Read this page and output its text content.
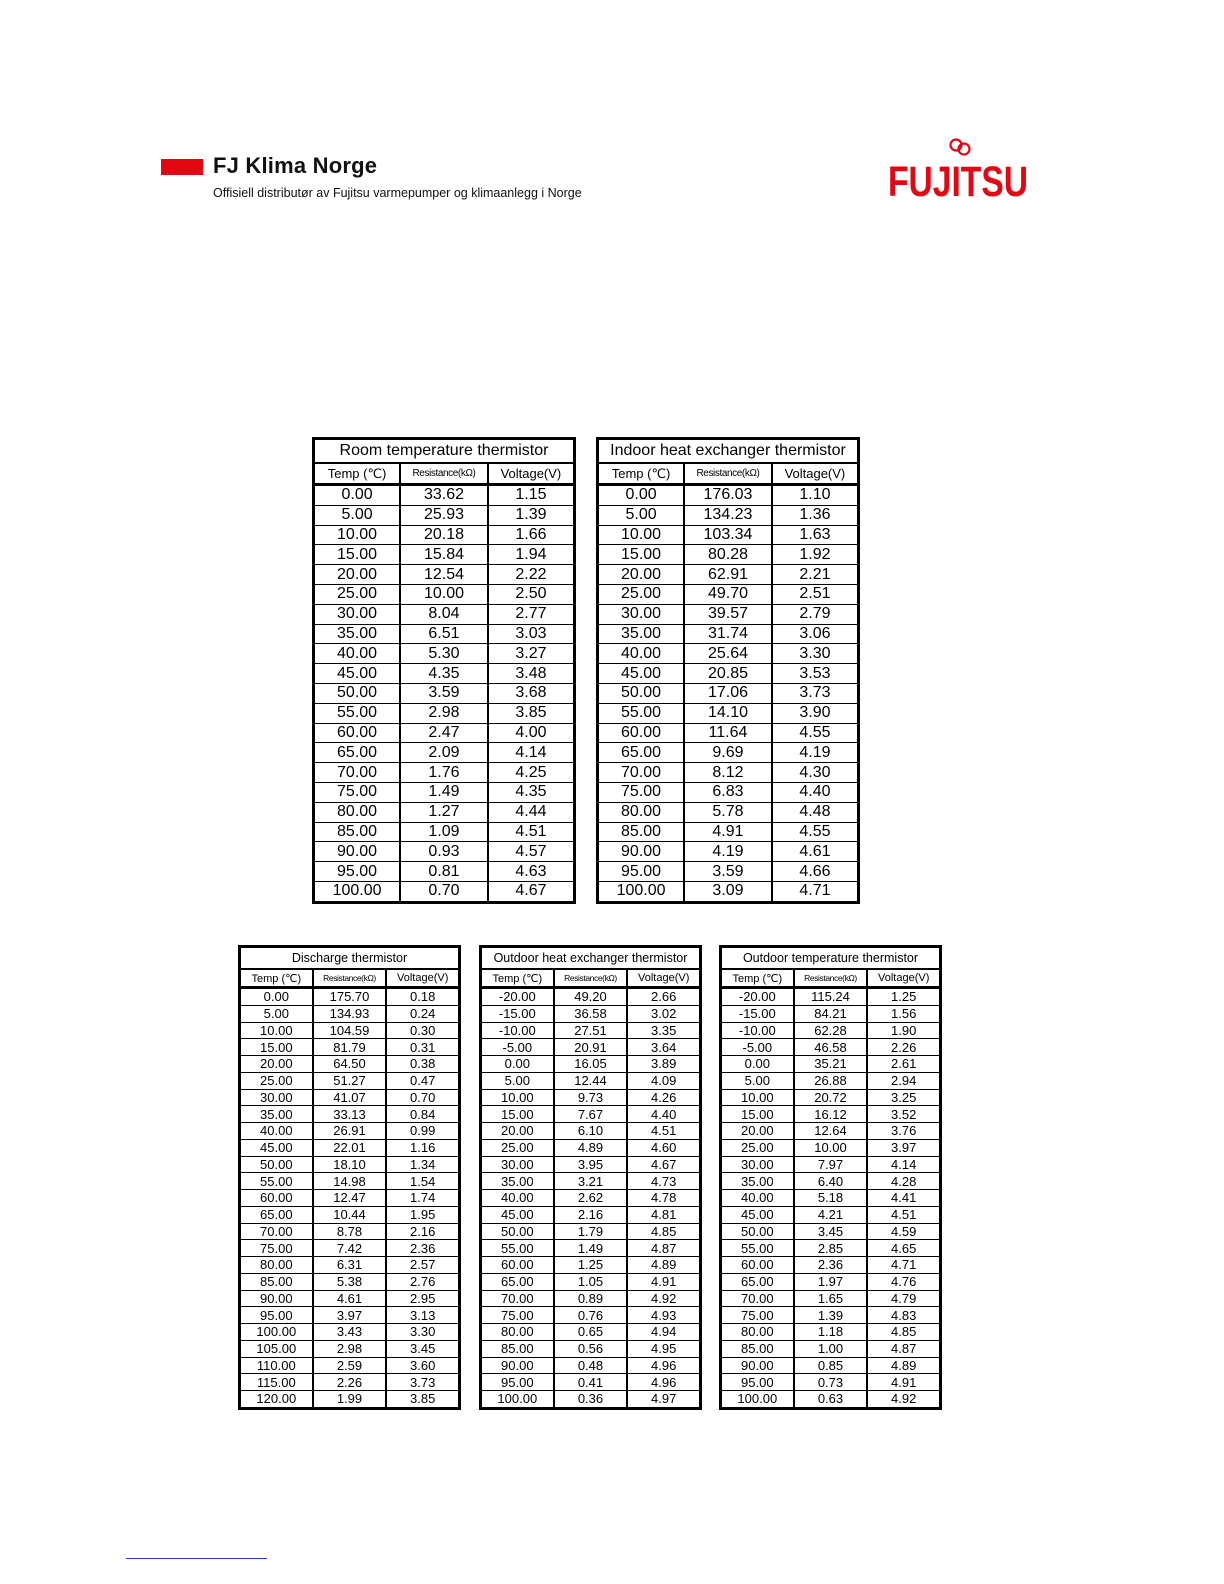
FJ Klima Norge
Offisiell distributør av Fujitsu varmepumper og klimaanlegg i Norge	FUJITSU
Room temperature thermistor
Temp (℃)	Resistance(kΩ)	Voltage(V)
0.00	33.62	1.15
5.00	25.93	1.39
10.00	20.18	1.66
15.00	15.84	1.94
20.00	12.54	2.22
25.00	10.00	2.50
30.00	8.04	2.77
35.00	6.51	3.03
40.00	5.30	3.27
45.00	4.35	3.48
50.00	3.59	3.68
55.00	2.98	3.85
60.00	2.47	4.00
65.00	2.09	4.14
70.00	1.76	4.25
75.00	1.49	4.35
80.00	1.27	4.44
85.00	1.09	4.51
90.00	0.93	4.57
95.00	0.81	4.63
100.00	0.70	4.67
Indoor heat exchanger thermistor
Temp (℃)	Resistance(kΩ)	Voltage(V)
0.00	176.03	1.10
5.00	134.23	1.36
10.00	103.34	1.63
15.00	80.28	1.92
20.00	62.91	2.21
25.00	49.70	2.51
30.00	39.57	2.79
35.00	31.74	3.06
40.00	25.64	3.30
45.00	20.85	3.53
50.00	17.06	3.73
55.00	14.10	3.90
60.00	11.64	4.55
65.00	9.69	4.19
70.00	8.12	4.30
75.00	6.83	4.40
80.00	5.78	4.48
85.00	4.91	4.55
90.00	4.19	4.61
95.00	3.59	4.66
100.00	3.09	4.71
Discharge thermistor
Temp (℃)	Resistance(kΩ)	Voltage(V)
0.00	175.70	0.18
5.00	134.93	0.24
10.00	104.59	0.30
15.00	81.79	0.31
20.00	64.50	0.38
25.00	51.27	0.47
30.00	41.07	0.70
35.00	33.13	0.84
40.00	26.91	0.99
45.00	22.01	1.16
50.00	18.10	1.34
55.00	14.98	1.54
60.00	12.47	1.74
65.00	10.44	1.95
70.00	8.78	2.16
75.00	7.42	2.36
80.00	6.31	2.57
85.00	5.38	2.76
90.00	4.61	2.95
95.00	3.97	3.13
100.00	3.43	3.30
105.00	2.98	3.45
110.00	2.59	3.60
115.00	2.26	3.73
120.00	1.99	3.85
Outdoor heat exchanger thermistor
Temp (℃)	Resistance(kΩ)	Voltage(V)
-20.00	49.20	2.66
-15.00	36.58	3.02
-10.00	27.51	3.35
-5.00	20.91	3.64
0.00	16.05	3.89
5.00	12.44	4.09
10.00	9.73	4.26
15.00	7.67	4.40
20.00	6.10	4.51
25.00	4.89	4.60
30.00	3.95	4.67
35.00	3.21	4.73
40.00	2.62	4.78
45.00	2.16	4.81
50.00	1.79	4.85
55.00	1.49	4.87
60.00	1.25	4.89
65.00	1.05	4.91
70.00	0.89	4.92
75.00	0.76	4.93
80.00	0.65	4.94
85.00	0.56	4.95
90.00	0.48	4.96
95.00	0.41	4.96
100.00	0.36	4.97
Outdoor temperature thermistor
Temp (℃)	Resistance(kΩ)	Voltage(V)
-20.00	115.24	1.25
-15.00	84.21	1.56
-10.00	62.28	1.90
-5.00	46.58	2.26
0.00	35.21	2.61
5.00	26.88	2.94
10.00	20.72	3.25
15.00	16.12	3.52
20.00	12.64	3.76
25.00	10.00	3.97
30.00	7.97	4.14
35.00	6.40	4.28
40.00	5.18	4.41
45.00	4.21	4.51
50.00	3.45	4.59
55.00	2.85	4.65
60.00	2.36	4.71
65.00	1.97	4.76
70.00	1.65	4.79
75.00	1.39	4.83
80.00	1.18	4.85
85.00	1.00	4.87
90.00	0.85	4.89
95.00	0.73	4.91
100.00	0.63	4.92
